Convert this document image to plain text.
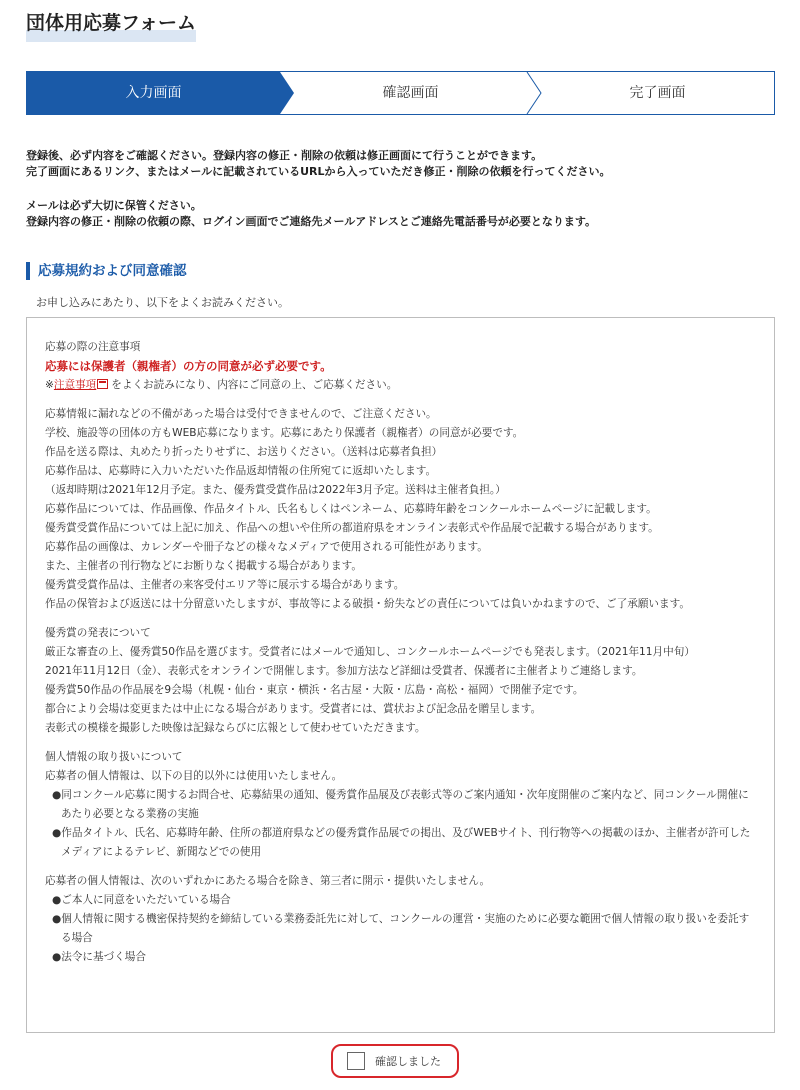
団体用応募フォーム
入力画面	確認画面	完了画面

登録後、必ず内容をご確認ください。登録内容の修正・削除の依頼は修正画面にて行うことができます。

完了画面にあるリンク、またはメールに記載されているURLから入っていただき修正・削除の依頼を行ってください。

メールは必ず大切に保管ください。

登録内容の修正・削除の依頼の際、ログイン画面でご連絡先メールアドレスとご連絡先電話番号が必要となります。

応募規約および同意確認
お申し込みにあたり、以下をよくお読みください。

応募の際の注意事項

応募には保護者（親権者）の方の同意が必ず必要です。

※注意事項 をよくお読みになり、内容にご同意の上、ご応募ください。

応募情報に漏れなどの不備があった場合は受付できませんので、ご注意ください。

学校、施設等の団体の方もWEB応募になります。応募にあたり保護者（親権者）の同意が必要です。

作品を送る際は、丸めたり折ったりせずに、お送りください。（送料は応募者負担）

応募作品は、応募時に入力いただいた作品返却情報の住所宛てに返却いたします。

（返却時期は2021年12月予定。また、優秀賞受賞作品は2022年3月予定。送料は主催者負担。）

応募作品については、作品画像、作品タイトル、氏名もしくはペンネーム、応募時年齢をコンクールホームページに記載します。

優秀賞受賞作品については上記に加え、作品への想いや住所の都道府県をオンライン表彰式や作品展で記載する場合があります。

応募作品の画像は、カレンダーや冊子などの様々なメディアで使用される可能性があります。

また、主催者の刊行物などにお断りなく掲載する場合があります。

優秀賞受賞作品は、主催者の来客受付エリア等に展示する場合があります。

作品の保管および返送には十分留意いたしますが、事故等による破損・紛失などの責任については負いかねますので、ご了承願います。

優秀賞の発表について

厳正な審査の上、優秀賞50作品を選びます。受賞者にはメールで通知し、コンクールホームページでも発表します。（2021年11月中旬）

2021年11月12日（金）、表彰式をオンラインで開催します。参加方法など詳細は受賞者、保護者に主催者よりご連絡します。

優秀賞50作品の作品展を9会場（札幌・仙台・東京・横浜・名古屋・大阪・広島・高松・福岡）で開催予定です。

都合により会場は変更または中止になる場合があります。受賞者には、賞状および記念品を贈呈します。

表彰式の模様を撮影した映像は記録ならびに広報として使わせていただきます。

個人情報の取り扱いについて

応募者の個人情報は、以下の目的以外には使用いたしません。

●同コンクール応募に関するお問合せ、応募結果の通知、優秀賞作品展及び表彰式等のご案内通知・次年度開催のご案内など、同コンクール開催にあたり必要となる業務の実施

●作品タイトル、氏名、応募時年齢、住所の都道府県などの優秀賞作品展での掲出、及びWEBサイト、刊行物等への掲載のほか、主催者が許可したメディアによるテレビ、新聞などでの使用

応募者の個人情報は、次のいずれかにあたる場合を除き、第三者に開示・提供いたしません。

●ご本人に同意をいただいている場合

●個人情報に関する機密保持契約を締結している業務委託先に対して、コンクールの運営・実施のために必要な範囲で個人情報の取り扱いを委託する場合

●法令に基づく場合

確認しました
